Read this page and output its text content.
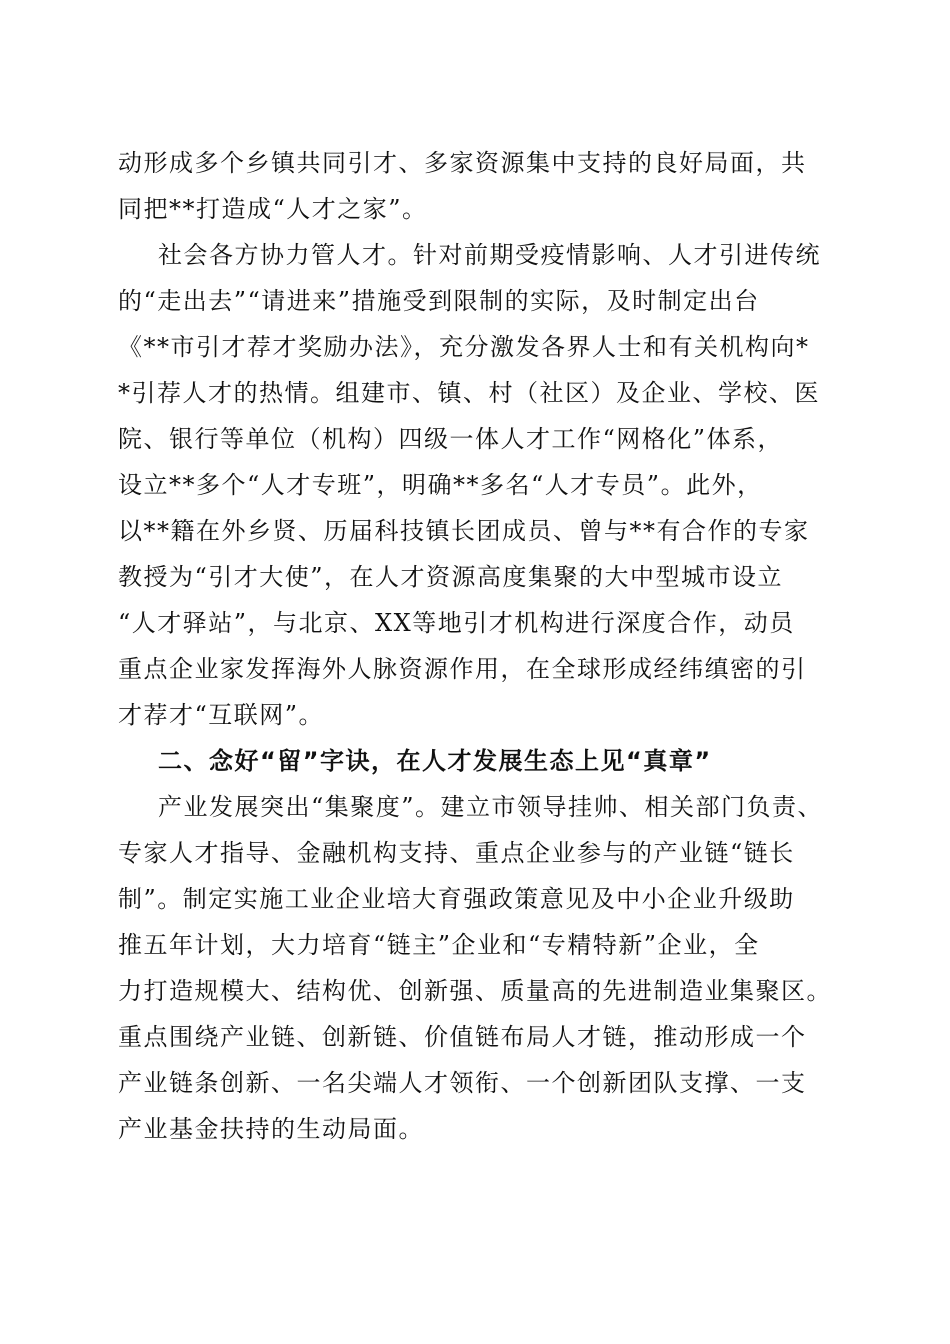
动形成多个乡镇共同引才、多家资源集中支持的良好局面，共
同把**打造成“人才之家”。
社会各方协力管人才。针对前期受疫情影响、人才引进传统
的“走出去”“请进来”措施受到限制的实际，及时制定出台
《**市引才荐才奖励办法》，充分激发各界人士和有关机构向*
*引荐人才的热情。组建市、镇、村（社区）及企业、学校、医
院、银行等单位（机构）四级一体人才工作“网格化”体系，
设立**多个“人才专班”，明确**多名“人才专员”。此外，
以**籍在外乡贤、历届科技镇长团成员、曾与**有合作的专家
教授为“引才大使”，在人才资源高度集聚的大中型城市设立
“人才驿站”，与北京、XX等地引才机构进行深度合作，动员
重点企业家发挥海外人脉资源作用，在全球形成经纬缜密的引
才荐才“互联网”。
二、念好“留”字诀，在人才发展生态上见“真章”
产业发展突出“集聚度”。建立市领导挂帅、相关部门负责、
专家人才指导、金融机构支持、重点企业参与的产业链“链长
制”。制定实施工业企业培大育强政策意见及中小企业升级助
推五年计划，大力培育“链主”企业和“专精特新”企业，全
力打造规模大、结构优、创新强、质量高的先进制造业集聚区。
重点围绕产业链、创新链、价值链布局人才链，推动形成一个
产业链条创新、一名尖端人才领衔、一个创新团队支撑、一支
产业基金扶持的生动局面。
